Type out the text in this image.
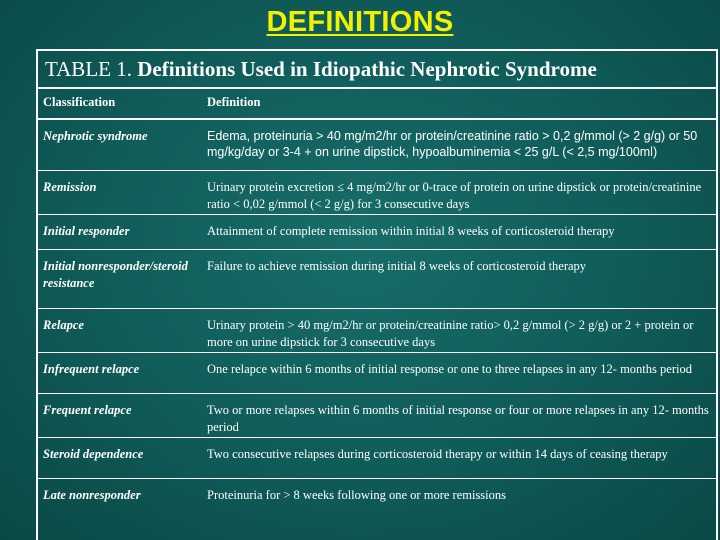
DEFINITIONS
TABLE 1. Definitions Used in Idiopathic Nephrotic Syndrome
Classification	Definition
Nephrotic syndrome	Edema, proteinuria > 40 mg/m2/hr or protein/creatinine ratio > 0,2 g/mmol (> 2 g/g) or 50 mg/kg/day or 3-4 + on urine dipstick, hypoalbuminemia < 25 g/L (< 2,5 mg/100ml)
Remission	Urinary protein excretion ≤ 4 mg/m2/hr or 0-trace of protein on urine dipstick or protein/creatinine ratio < 0,02 g/mmol (< 2 g/g) for 3 consecutive days
Initial responder	Attainment of complete remission within initial 8 weeks of corticosteroid therapy
Initial nonresponder/steroid resistance	Failure to achieve remission during initial 8 weeks of corticosteroid therapy
Relapce	Urinary protein > 40 mg/m2/hr or protein/creatinine ratio> 0,2 g/mmol (> 2 g/g) or 2 + protein or more on urine dipstick for 3 consecutive days
Infrequent relapce	One relapce within 6 months of initial response or one to three relapses in any 12- months period
Frequent relapce	Two or more relapses within 6 months of initial response or four or more relapses in any 12- months period
Steroid dependence	Two consecutive relapses during corticosteroid therapy or within 14 days of ceasing therapy
Late nonresponder	Proteinuria for > 8 weeks following one or more remissions
